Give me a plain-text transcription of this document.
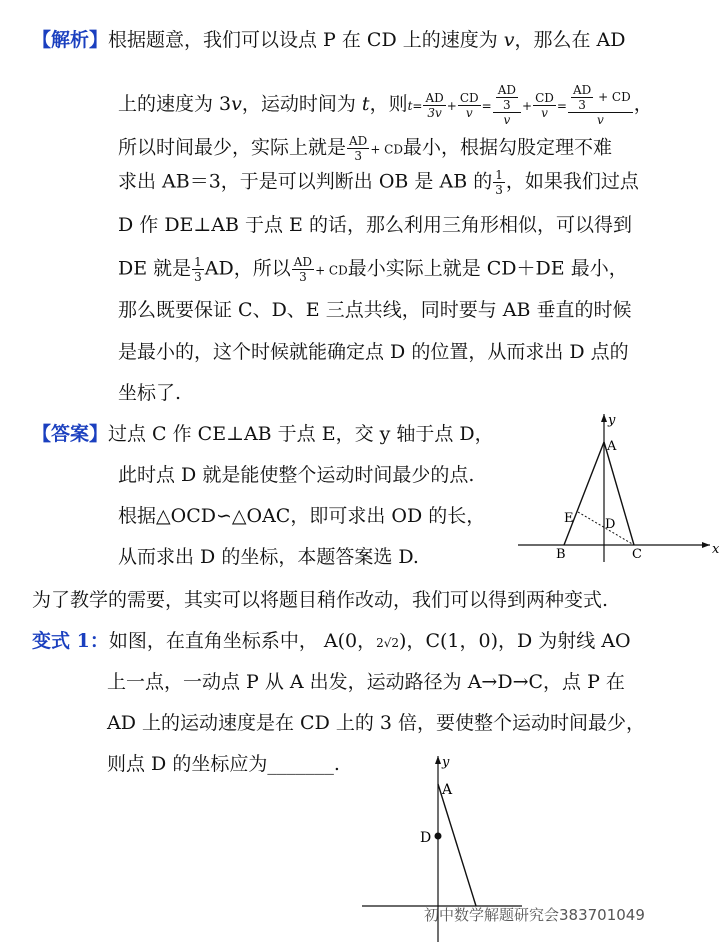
【解析】根据题意，我们可以设点 P 在 CD 上的速度为 v，那么在 AD
上的速度为 3v，运动时间为 t，则$t= \frac{AD}{3v} + \frac{CD}{v} = \frac{\frac{AD}{3}}{v} + \frac{CD}{v} = \frac{\frac{AD}{3} + CD}{v}$ ，
所以时间最少，实际上就是 $\frac{AD}{3}$ + CD最小，根据勾股定理不难
求出 AB＝3，于是可以判断出 OB 是 AB 的 $\frac{1}{3}$ ，如果我们过点
D 作 DE⊥AB 于点 E 的话，那么利用三角形相似，可以得到
DE 就是 $\frac{1}{3}$ AD，所以 $\frac{AD}{3}$ + CD最小实际上就是 CD＋DE 最小，
那么既要保证 C、D、E 三点共线，同时要与 AB 垂直的时候
是最小的，这个时候就能确定点 D 的位置，从而求出 D 点的
坐标了.
【答案】过点 C 作 CE⊥AB 于点 E，交 y 轴于点 D，
此时点 D 就是能使整个运动时间最少的点.
根据△OCD∽△OAC，即可求出 OD 的长，
从而求出 D 的坐标，本题答案选 D.
y
x
A
E D
B	C
为了教学的需要，其实可以将题目稍作改动，我们可以得到两种变式.
变式 1：如图，在直角坐标系中， A(0，2√2)，C(1，0)，D 为射线 AO
上一点，一动点 P 从 A 出发，运动路径为 A→D→C，点 P 在
AD 上的运动速度是在 CD 上的 3 倍，要使整个运动时间最少，
则点 D 的坐标应为_______.	y
A
D
初中数学解题研究会383701049
